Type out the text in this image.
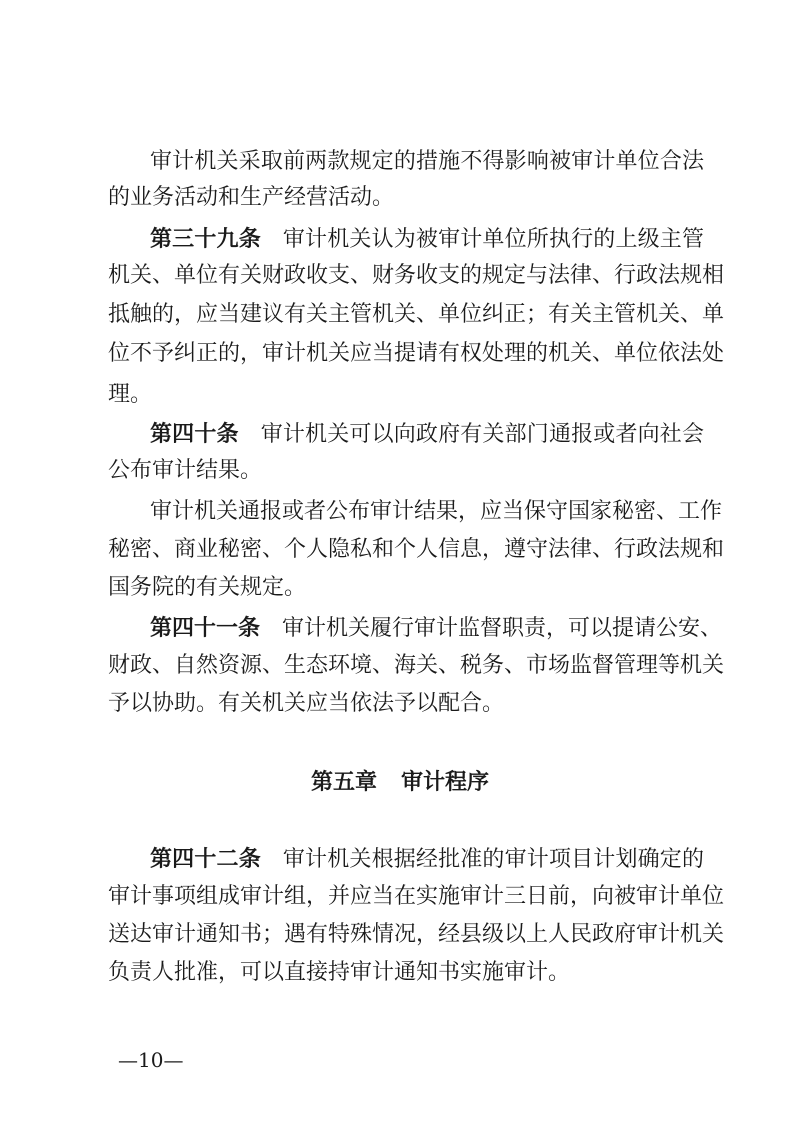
审计机关采取前两款规定的措施不得影响被审计单位合法
的业务活动和生产经营活动。
第三十九条 审计机关认为被审计单位所执行的上级主管
机关、单位有关财政收支、财务收支的规定与法律、行政法规相
抵触的，应当建议有关主管机关、单位纠正；有关主管机关、单
位不予纠正的，审计机关应当提请有权处理的机关、单位依法处
理。
第四十条 审计机关可以向政府有关部门通报或者向社会
公布审计结果。
审计机关通报或者公布审计结果，应当保守国家秘密、工作
秘密、商业秘密、个人隐私和个人信息，遵守法律、行政法规和
国务院的有关规定。
第四十一条 审计机关履行审计监督职责，可以提请公安、
财政、自然资源、生态环境、海关、税务、市场监督管理等机关
予以协助。有关机关应当依法予以配合。
第五章 审计程序
第四十二条 审计机关根据经批准的审计项目计划确定的
审计事项组成审计组，并应当在实施审计三日前，向被审计单位
送达审计通知书；遇有特殊情况，经县级以上人民政府审计机关
负责人批准，可以直接持审计通知书实施审计。
—10—
